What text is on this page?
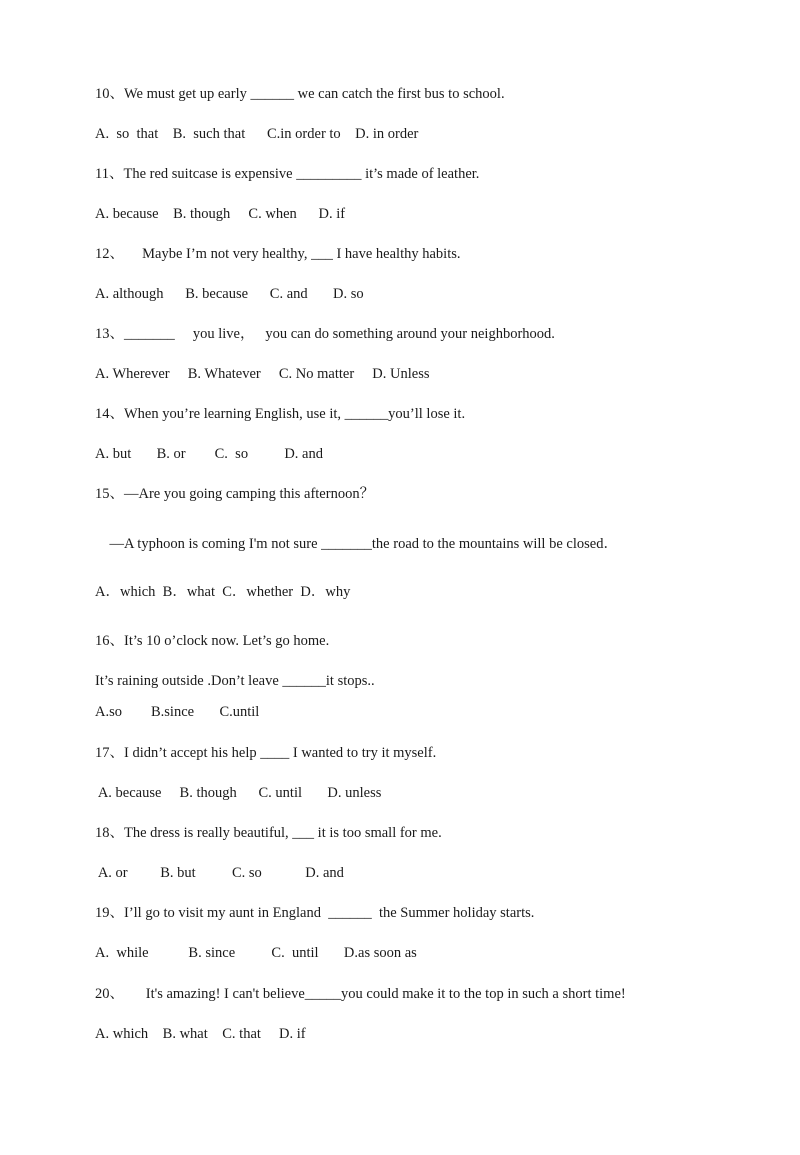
10、We must get up early ______ we can catch the first bus to school.
A.  so  that    B.  such that      C.in order to    D. in order
11、The red suitcase is expensive _________ it’s made of leather.
A. because    B. though     C. when      D. if
12、     Maybe I’m not very healthy, ___ I have healthy habits.
A. although      B. because      C. and       D. so
13、_______     you live，   you can do something around your neighborhood.
A. Wherever     B. Whatever     C. No matter     D. Unless
14、When you’re learning English, use it, ______you’ll lose it.
A. but       B. or        C.  so          D. and
15、—Are you going camping this afternoon？
—A typhoon is coming I'm not sure _______the road to the mountains will be closed．
A．which  B．what  C．whether  D．why
16、It’s 10 o’clock now. Let’s go home.
It’s raining outside .Don’t leave ______it stops..
A.so        B.since       C.until
17、I didn’t accept his help ____ I wanted to try it myself.
A. because     B. though      C. until       D. unless
18、The dress is really beautiful, ___ it is too small for me.
A. or         B. but          C. so            D. and
19、I’ll go to visit my aunt in England  ______  the Summer holiday starts.
A.  while           B. since          C.  until       D.as soon as
20、      It's amazing! I can't believe_____you could make it to the top in such a short time!
A. which    B. what    C. that     D. if
